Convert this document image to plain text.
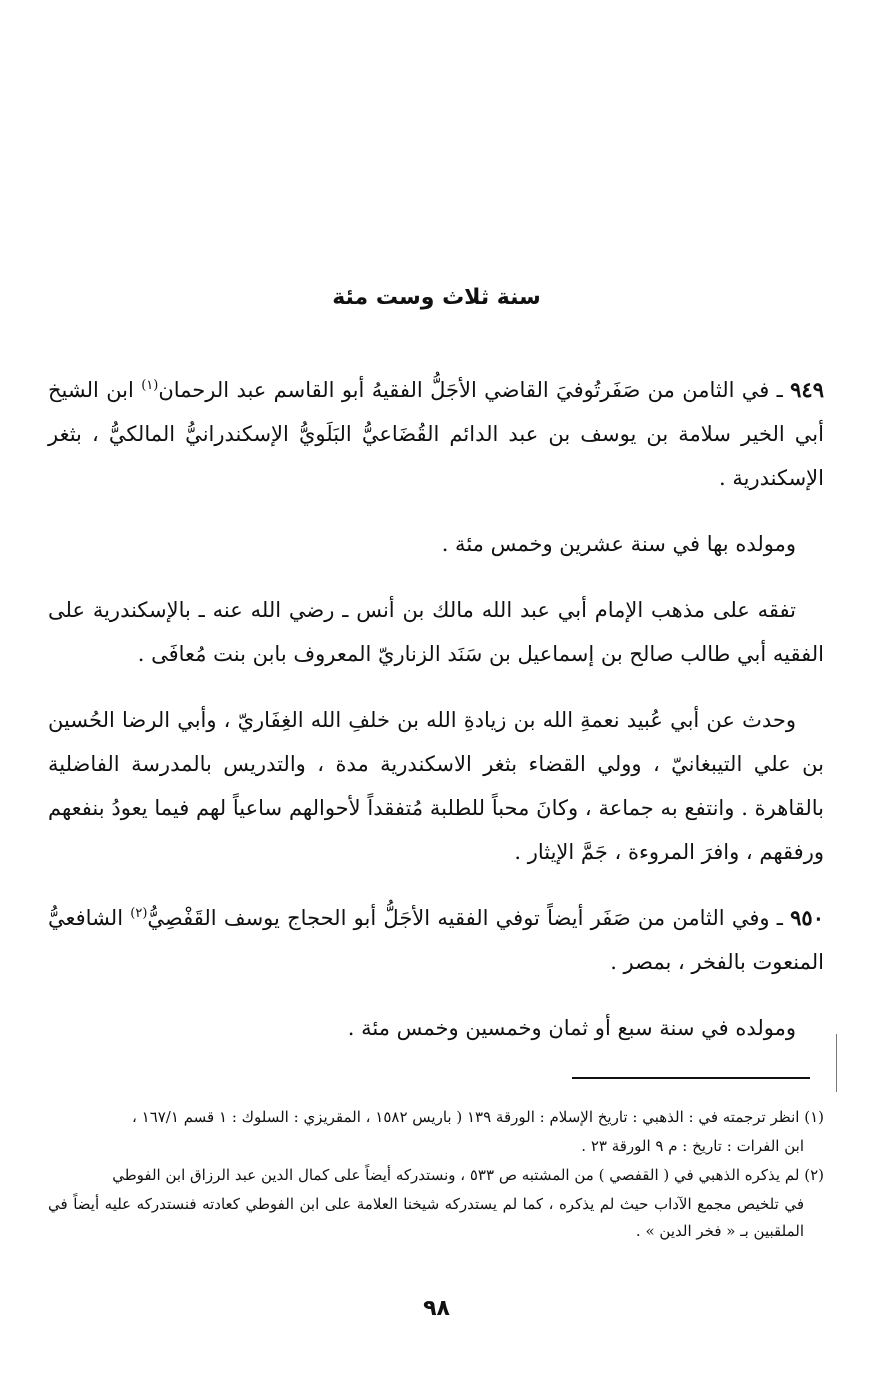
سنة ثلاث وست مئة

٩٤٩ ـ في الثامن من صَفَرتُوفيَ القاضي الأجَلُّ الفقيهُ أبو القاسم عبد الرحمان$^{(١)}$ ابن الشيخ أبي الخير سلامة بن يوسف بن عبد الدائم القُضَاعيُّ البَلَويُّ الإسكندرانيُّ المالكيُّ ، بثغر الإسكندرية .

ومولده بها في سنة عشرين وخمس مئة .

تفقه على مذهب الإمام أبي عبد الله مالك بن أنس ـ رضي الله عنه ـ بالإسكندرية على الفقيه أبي طالب صالح بن إسماعيل بن سَنَد الزناريّ المعروف بابن بنت مُعافَى .

وحدث عن أبي عُبيد نعمةِ الله بن زيادةِ الله بن خلفِ الله الغِفَاريّ ، وأبي الرضا الحُسين بن علي التيبغانيّ ، وولي القضاء بثغر الاسكندرية مدة ، والتدريس بالمدرسة الفاضلية بالقاهرة . وانتفع به جماعة ، وكانَ محباً للطلبة مُتفقداً لأحوالهم ساعياً لهم فيما يعودُ بنفعهم ورفقهم ، وافرَ المروءة ، جَمَّ الإيثار .

٩٥٠ ـ وفي الثامن من صَفَر أيضاً توفي الفقيه الأجَلُّ أبو الحجاج يوسف القَفْصِيُّ$^{(٢)}$ الشافعيُّ المنعوت بالفخر ، بمصر .

ومولده في سنة سبع أو ثمان وخمسين وخمس مئة .

(١) انظر ترجمته في : الذهبي : تاريخ الإسلام : الورقة ١٣٩ ( باريس ١٥٨٢ ، المقريزي : السلوك : ١ قسم ١٦٧/١ ،

ابن الفرات : تاريخ : م ٩ الورقة ٢٣ .

(٢) لم يذكره الذهبي في ( القفصي ) من المشتبه ص ٥٣٣ ، ونستدركه أيضاً على كمال الدين عبد الرزاق ابن الفوطي

في تلخيص مجمع الآداب حيث لم يذكره ، كما لم يستدركه شيخنا العلامة على ابن الفوطي كعادته فنستدركه عليه أيضاً في الملقبين بـ « فخر الدين » .

٩٨
